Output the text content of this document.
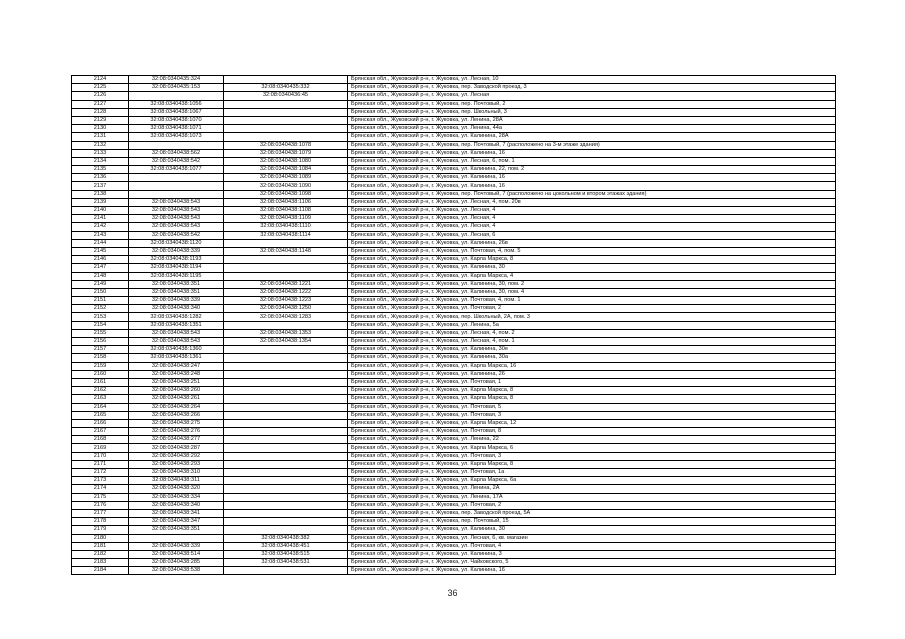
2124	32:08:0340435:324		Брянская обл., Жуковский р-н, г. Жуковка, ул. Лесная, 10
2125	32:08:0340435:153	32:08:0340435:332	Брянская обл., Жуковский р-н, г. Жуковка, пер. Заводской проезд, 3
2126		32:08:0340436:45	Брянская обл., Жуковский р-н, г. Жуковка, ул. Лесная
2127	32:08:0340438:1056		Брянская обл., Жуковский р-н, г. Жуковка, пер. Почтовый, 2
2128	32:08:0340438:1067		Брянская обл., Жуковский р-н, г. Жуковка, пер. Школьный, 3
2129	32:08:0340438:1070		Брянская обл., Жуковский р-н, г. Жуковка, ул. Ленина, 28А
2130	32:08:0340438:1071		Брянская обл., Жуковский р-н, г. Жуковка, ул. Ленина, 44а
2131	32:08:0340438:1073		Брянская обл., Жуковский р-н, г. Жуковка, ул. Калинина, 28А
2132		32:08:0340438:1078	Брянская обл., Жуковский р-н, г. Жуковка, пер. Почтовый, 7 (расположено на 3-м этаже здания)
2133	32:08:0340438:562	32:08:0340438:1079	Брянская обл., Жуковский р-н, г. Жуковка, ул. Калинина, 16
2134	32:08:0340438:542	32:08:0340438:1080	Брянская обл., Жуковский р-н, г. Жуковка, ул. Лесная, 6, пом. 1
2135	32:08:0340438:1077	32:08:0340438:1084	Брянская обл., Жуковский р-н, г. Жуковка, ул. Калинина, 22, пом. 2
2136		32:08:0340438:1089	Брянская обл., Жуковский р-н, г. Жуковка, ул. Калинина, 16
2137		32:08:0340438:1090	Брянская обл., Жуковский р-н, г. Жуковка, ул. Калинина, 16
2138		32:08:0340438:1098	Брянская обл., Жуковский р-н, г. Жуковка, пер. Почтовый, 7 (расположено на цокольном и втором этажах здания)
2139	32:08:0340438:543	32:08:0340438:1106	Брянская обл., Жуковский р-н, г. Жуковка, ул. Лесная, 4, пом. 20в
2140	32:08:0340438:543	32:08:0340438:1108	Брянская обл., Жуковский р-н, г. Жуковка, ул. Лесная, 4
2141	32:08:0340438:543	32:08:0340438:1109	Брянская обл., Жуковский р-н, г. Жуковка, ул. Лесная, 4
2142	32:08:0340438:543	32:08:0340438:1110	Брянская обл., Жуковский р-н, г. Жуковка, ул. Лесная, 4
2143	32:08:0340438:542	32:08:0340438:1114	Брянская обл., Жуковский р-н, г. Жуковка, ул. Лесная, 6
2144	32:08:0340438:1120		Брянская обл., Жуковский р-н, г. Жуковка, ул. Калинина, 26в
2145	32:08:0340438:339	32:08:0340438:1148	Брянская обл., Жуковский р-н, г. Жуковка, ул. Почтовая, 4, пом. 5
2146	32:08:0340438:1193		Брянская обл., Жуковский р-н, г. Жуковка, ул. Карла Маркса, 8
2147	32:08:0340438:1194		Брянская обл., Жуковский р-н, г. Жуковка, ул. Калинина, 30
2148	32:08:0340438:1195		Брянская обл., Жуковский р-н, г. Жуковка, ул. Карла Маркса, 4
2149	32:08:0340438:351	32:08:0340438:1221	Брянская обл., Жуковский р-н, г. Жуковка, ул. Калинина, 30, пом. 2
2150	32:08:0340438:351	32:08:0340438:1222	Брянская обл., Жуковский р-н, г. Жуковка, ул. Калинина, 30, пом. 4
2151	32:08:0340438:339	32:08:0340438:1223	Брянская обл., Жуковский р-н, г. Жуковка, ул. Почтовая, 4, пом. 1
2152	32:08:0340438:340	32:08:0340438:1250	Брянская обл., Жуковский р-н, г. Жуковка, ул. Почтовая, 2
2153	32:08:0340438:1282	32:08:0340438:1283	Брянская обл., Жуковский р-н, г. Жуковка, пер. Школьный, 2А, пом. 3
2154	32:08:0340438:1351		Брянская обл., Жуковский р-н, г. Жуковка, ул. Ленина, 5а
2155	32:08:0340438:543	32:08:0340438:1353	Брянская обл., Жуковский р-н, г. Жуковка, ул. Лесная, 4, пом. 2
2156	32:08:0340438:543	32:08:0340438:1354	Брянская обл., Жуковский р-н, г. Жуковка, ул. Лесная, 4, пом. 1
2157	32:08:0340438:1360		Брянская обл., Жуковский р-н, г. Жуковка, ул. Калинина, 30е
2158	32:08:0340438:1361		Брянская обл., Жуковский р-н, г. Жуковка, ул. Калинина, 30а
2159	32:08:0340438:247		Брянская обл., Жуковский р-н, г. Жуковка, ул. Карла Маркса, 16
2160	32:08:0340438:248		Брянская обл., Жуковский р-н, г. Жуковка, ул. Калинина, 26
2161	32:08:0340438:251		Брянская обл., Жуковский р-н, г. Жуковка, ул. Почтовая, 1
2162	32:08:0340438:260		Брянская обл., Жуковский р-н, г. Жуковка, ул. Карла Маркса, 8
2163	32:08:0340438:261		Брянская обл., Жуковский р-н, г. Жуковка, ул. Карла Маркса, 8
2164	32:08:0340438:264		Брянская обл., Жуковский р-н, г. Жуковка, ул. Почтовая, 5
2165	32:08:0340438:266		Брянская обл., Жуковский р-н, г. Жуковка, ул. Почтовая, 3
2166	32:08:0340438:275		Брянская обл., Жуковский р-н, г. Жуковка, ул. Карла Маркса, 12
2167	32:08:0340438:276		Брянская обл., Жуковский р-н, г. Жуковка, ул. Почтовая, 8
2168	32:08:0340438:277		Брянская обл., Жуковский р-н, г. Жуковка, ул. Ленина, 22
2169	32:08:0340438:287		Брянская обл., Жуковский р-н, г. Жуковка, ул. Карла Маркса, 6
2170	32:08:0340438:292		Брянская обл., Жуковский р-н, г. Жуковка, ул. Почтовая, 3
2171	32:08:0340438:293		Брянская обл., Жуковский р-н, г. Жуковка, ул. Карла Маркса, 8
2172	32:08:0340438:310		Брянская обл., Жуковский р-н, г. Жуковка, ул. Почтовая, 1а
2173	32:08:0340438:311		Брянская обл., Жуковский р-н, г. Жуковка, ул. Карла Маркса, 6а
2174	32:08:0340438:320		Брянская обл., Жуковский р-н, г. Жуковка, ул. Ленина, 2А
2175	32:08:0340438:334		Брянская обл., Жуковский р-н, г. Жуковка, ул. Ленина, 17А
2176	32:08:0340438:340		Брянская обл., Жуковский р-н, г. Жуковка, ул. Почтовая, 2
2177	32:08:0340438:341		Брянская обл., Жуковский р-н, г. Жуковка, пер. Заводской проезд, 5А
2178	32:08:0340438:347		Брянская обл., Жуковский р-н, г. Жуковка, пер. Почтовый, 15
2179	32:08:0340438:351		Брянская обл., Жуковский р-н, г. Жуковка, ул. Калинина, 30
2180		32:08:0340438:382	Брянская обл., Жуковский р-н, г. Жуковка, ул. Лесная, 6, кв. магазин
2181	32:08:0340438:339	32:08:0340438:451	Брянская обл., Жуковский р-н, г. Жуковка, ул. Почтовая, 4
2182	32:08:0340438:514	32:08:0340438:515	Брянская обл., Жуковский р-н, г. Жуковка, ул. Калинина, 3
2183	32:08:0340438:285	32:08:0340438:531	Брянская обл., Жуковский р-н, г. Жуковка, ул. Чайковского, 5
2184	32:08:0340438:538		Брянская обл., Жуковский р-н, г. Жуковка, ул. Калинина, 16
36
